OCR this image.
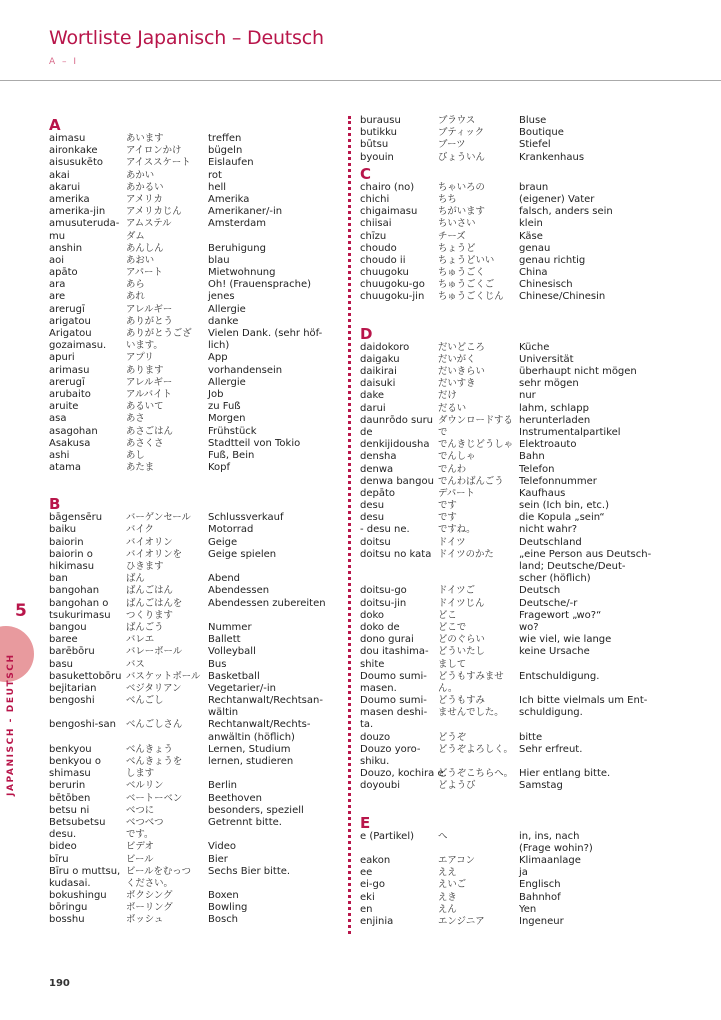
Wortliste Japanisch – Deutsch
A – I
5
JAPANISCH - DEUTSCH
A
aimasu	あいます	treffen
aironkake	アイロンかけ	bügeln
aisusukēto アイススケート Eislaufen
akai	あかい	rot
akarui	あかるい	hell
amerika	アメリカ	Amerika
amerika-jin アメリカじん	Amerikaner/-in
amusuteruda- アムステル	Amsterdam
mu	ダム
anshin	あんしん	Beruhigung
aoi	あおい	blau
apāto	アパート	Mietwohnung
ara	あら	Oh! (Frauensprache)
are	あれ	jenes
arerugī	アレルギー	Allergie
arigatou	ありがとう	danke
Arigatou	ありがとうござ Vielen Dank. (sehr höf-
gozaimasu. います。	lich)
apuri	アプリ	App
arimasu	あります	vorhandensein
arerugī	アレルギー	Allergie
arubaito	アルバイト	Job
aruite	あるいて	zu Fuß
asa	あさ	Morgen
asagohan	あさごはん	Frühstück
Asakusa	あさくさ	Stadtteil von Tokio
ashi	あし	Fuß, Bein
atama	あたま	Kopf
B
bāgensēru	バーゲンセール Schlussverkauf
baiku	バイク	Motorrad
baiorin	バイオリン	Geige
baiorin o	バイオリンを	Geige spielen
hikimasu	ひきます
ban	ばん	Abend
bangohan	ばんごはん	Abendessen
bangohan o ばんごはんを	Abendessen zubereiten
tsukurimasu つくります
bangou	ばんごう	Nummer
baree	バレエ	Ballett
barēbōru	バレーボール	Volleyball
basu	バス	Bus
basukettobōru バスケットボール Basketball
bejitarian	ベジタリアン	Vegetarier/-in
bengoshi	べんごし	Rechtanwalt/Rechtsan-
wältin
bengoshi-san べんごしさん	Rechtanwalt/Rechts-
anwältin (höflich)
benkyou	べんきょう	Lernen, Studium
benkyou o	べんきょうを	lernen, studieren
shimasu	します
berurin	ベルリン	Berlin
bētōben	ベートーベン	Beethoven
betsu ni	べつに	besonders, speziell
Betsubetsu べつべつ	Getrennt bitte.
desu.	です。
bideo	ビデオ	Video
bīru	ビール	Bier
Bīru o muttsu, ビールをむっつ Sechs Bier bitte.
kudasai.	ください。
bokushingu ボクシング	Boxen
bōringu	ボーリング	Bowling
bosshu	ボッシュ	Bosch
burausu	ブラウス	Bluse
butikku	ブティック	Boutique
būtsu	ブーツ	Stiefel
byouin	びょういん	Krankenhaus
C
chairo (no)	ちゃいろの	braun
chichi	ちち	(eigener) Vater
chigaimasu ちがいます	falsch, anders sein
chiisai	ちいさい	klein
chīzu	チーズ	Käse
choudo	ちょうど	genau
choudo ii	ちょうどいい genau richtig
chuugoku	ちゅうごく	China
chuugoku-go ちゅうごくご Chinesisch
chuugoku-jin ちゅうごくじん Chinese/Chinesin
D
daidokoro	だいどころ	Küche
daigaku	だいがく	Universität
daikirai	だいきらい	überhaupt nicht mögen
daisuki	だいすき	sehr mögen
dake	だけ	nur
darui	だるい	lahm, schlapp
daunrōdo suru ダウンロードする herunterladen
de	で	Instrumentalpartikel
denkijidousha でんきじどうしゃ Elektroauto
densha	でんしゃ	Bahn
denwa	でんわ	Telefon
denwa bangou でんわばんごう Telefonnummer
depāto	デパート	Kaufhaus
desu	です	sein (Ich bin, etc.)
desu	です	die Kopula „sein“
- desu ne.	ですね。	nicht wahr?
doitsu	ドイツ	Deutschland
doitsu no kata ドイツのかた	„eine Person aus Deutsch-
land; Deutsche/Deut-
scher (höflich)
doitsu-go	ドイツご	Deutsch
doitsu-jin	ドイツじん	Deutsche/-r
doko	どこ	Fragewort „wo?“
doko de	どこで	wo?
dono gurai	どのぐらい	wie viel, wie lange
dou itashima- どういたし	keine Ursache
shite	まして
Doumo sumi- どうもすみませ Entschuldigung.
masen.	ん。
Doumo sumi- どうもすみ	Ich bitte vielmals um Ent-
masen deshi- ませんでした。 schuldigung.
ta.
douzo	どうぞ	bitte
Douzo yoro- どうぞよろしく。 Sehr erfreut.
shiku.
Douzo, kochira e.
どうぞこちらへ。 Hier entlang bitte.
doyoubi	どようび	Samstag
E
e (Partikel)	へ	in, ins, nach
(Frage wohin?)
eakon	エアコン	Klimaanlage
ee	ええ	ja
ei-go	えいご	Englisch
eki	えき	Bahnhof
en	えん	Yen
enjinia	エンジニア	Ingeneur
190
